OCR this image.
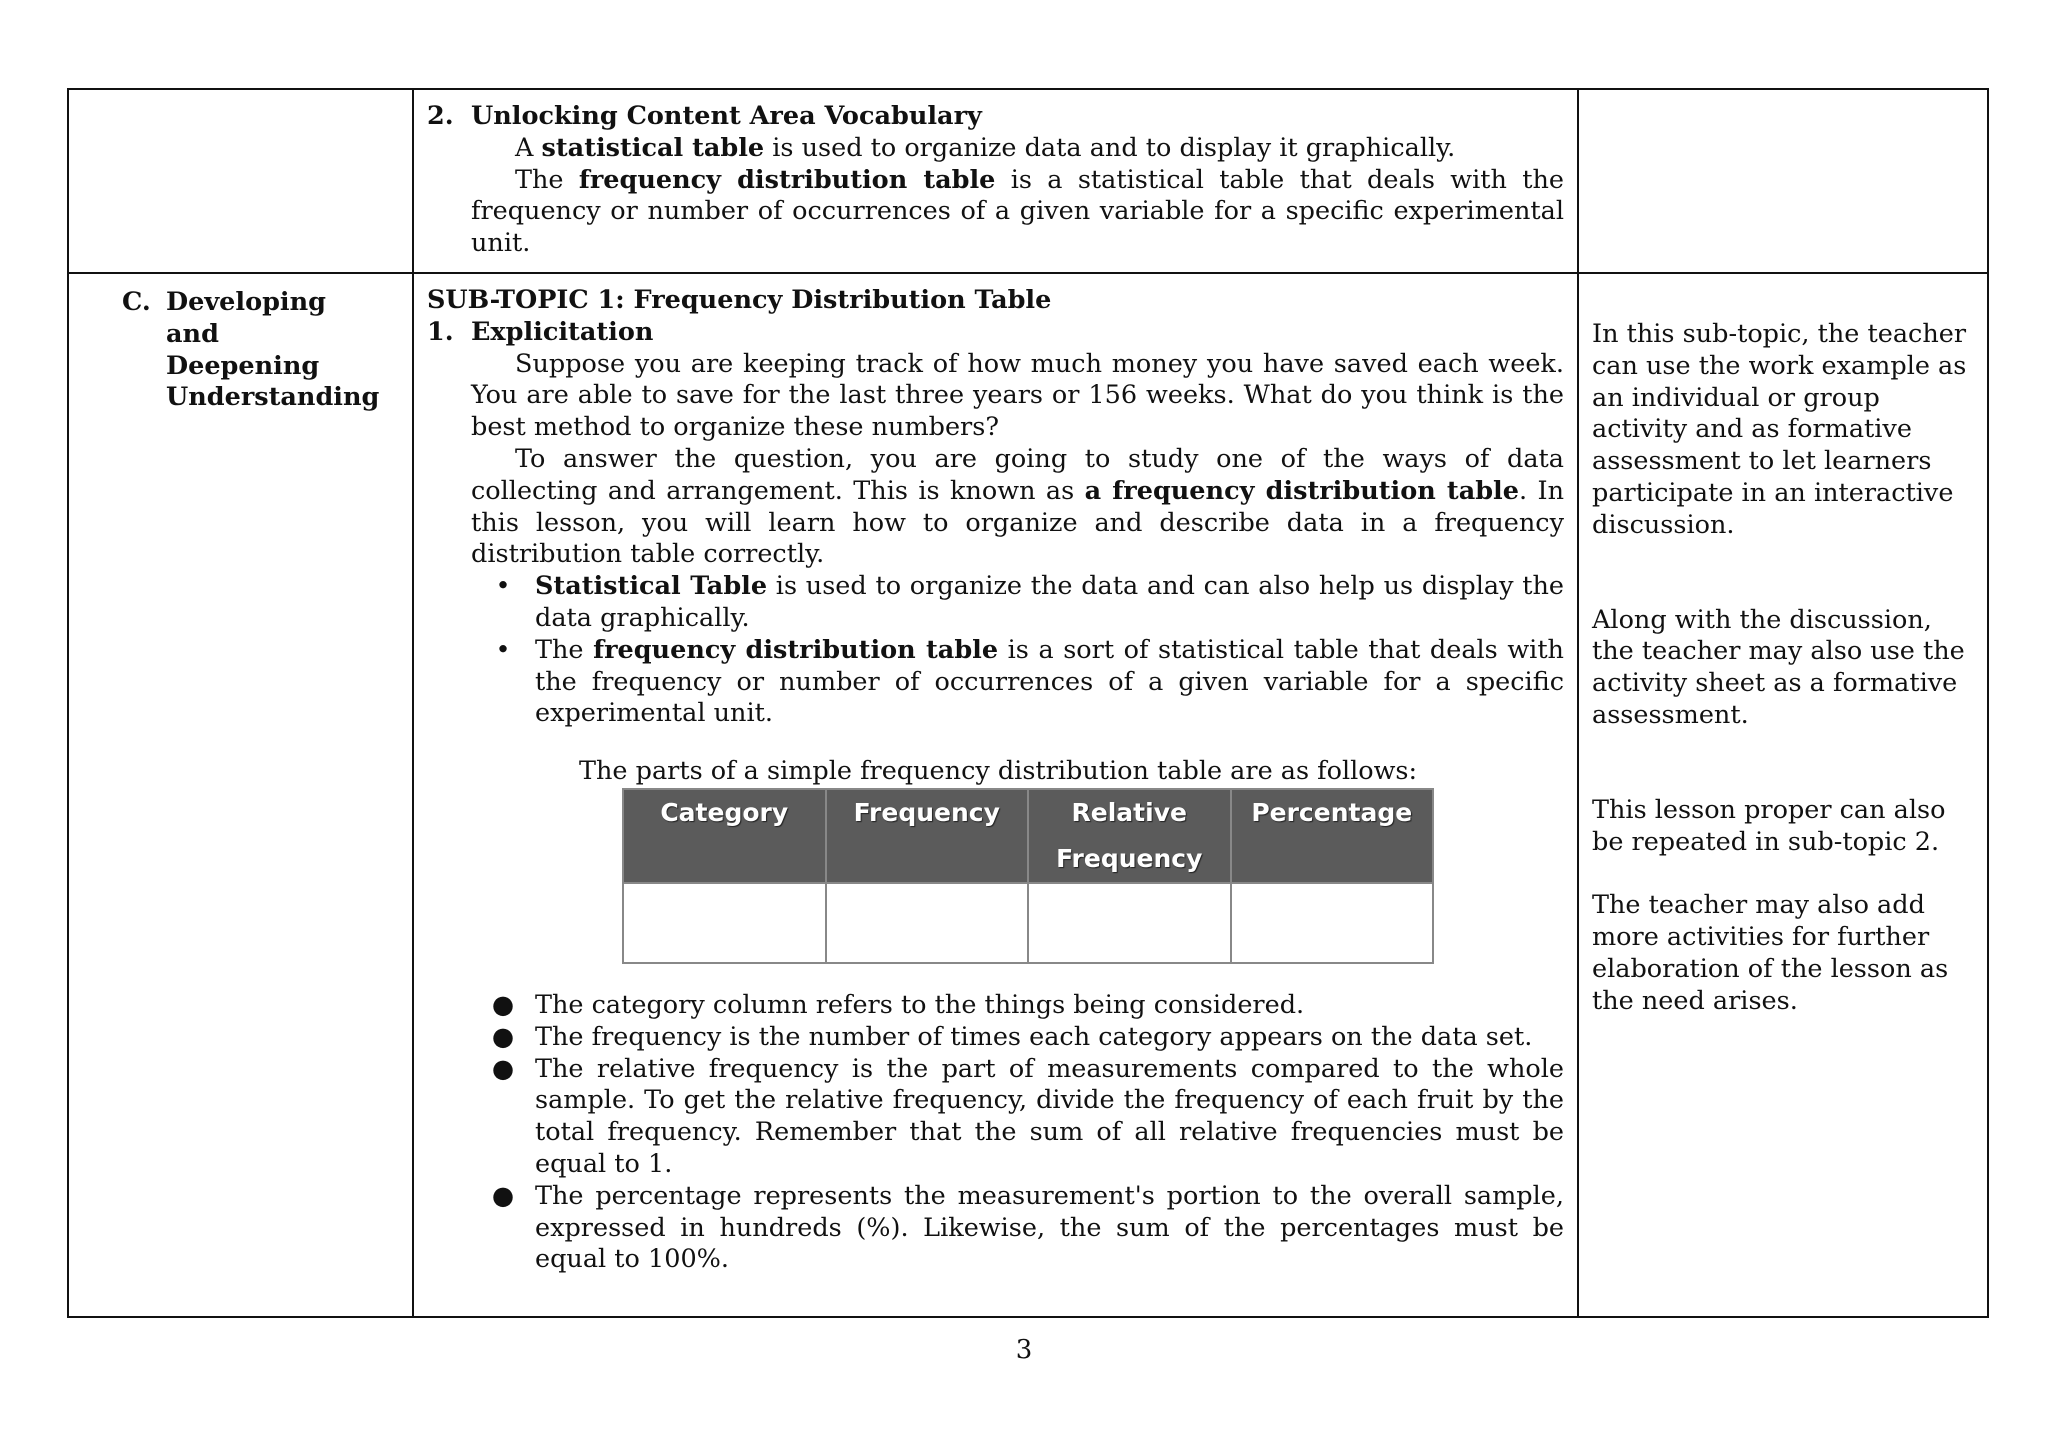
2. Unlocking Content Area Vocabulary

A statistical table is used to organize data and to display it graphically.

The frequency distribution table is a statistical table that deals with the frequency or number of occurrences of a given variable for a specific experimental unit.

C. Developing and Deepening Understanding

SUB-TOPIC 1: Frequency Distribution Table
1. Explicitation

Suppose you are keeping track of how much money you have saved each week. You are able to save for the last three years or 156 weeks. What do you think is the best method to organize these numbers?

To answer the question, you are going to study one of the ways of data collecting and arrangement. This is known as a frequency distribution table. In this lesson, you will learn how to organize and describe data in a frequency distribution table correctly.

• Statistical Table is used to organize the data and can also help us display the data graphically.
• The frequency distribution table is a sort of statistical table that deals with the frequency or number of occurrences of a given variable for a specific experimental unit.

The parts of a simple frequency distribution table are as follows:

Category	Frequency	Relative Frequency	Percentage

● The category column refers to the things being considered.
● The frequency is the number of times each category appears on the data set.
● The relative frequency is the part of measurements compared to the whole sample. To get the relative frequency, divide the frequency of each fruit by the total frequency. Remember that the sum of all relative frequencies must be equal to 1.
● The percentage represents the measurement's portion to the overall sample, expressed in hundreds (%). Likewise, the sum of the percentages must be equal to 100%.

In this sub-topic, the teacher can use the work example as an individual or group activity and as formative assessment to let learners participate in an interactive discussion.

Along with the discussion, the teacher may also use the activity sheet as a formative assessment.

This lesson proper can also be repeated in sub-topic 2.

The teacher may also add more activities for further elaboration of the lesson as the need arises.

3
